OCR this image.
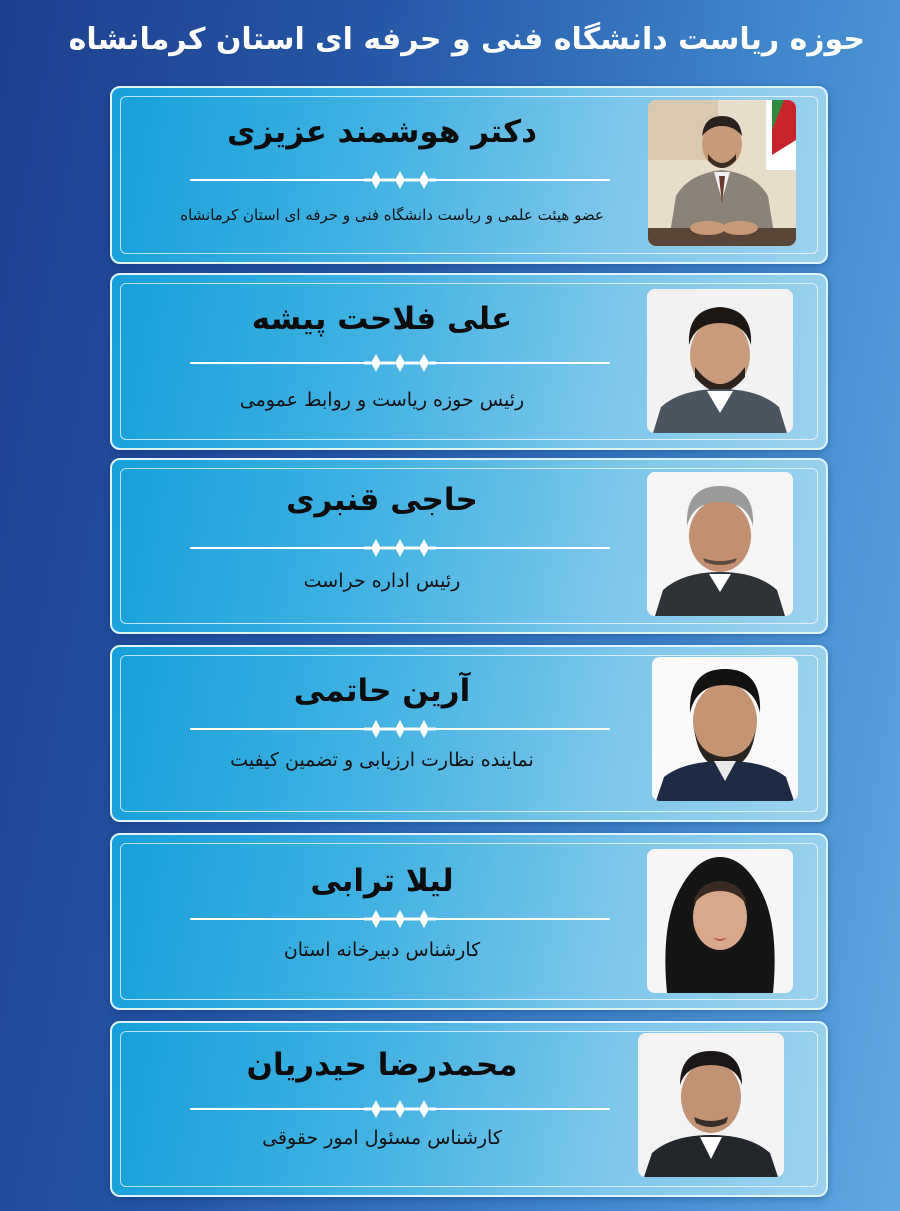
حوزه ریاست دانشگاه فنی و حرفه ای استان کرمانشاه
دکتر هوشمند عزیزی
عضو هیئت علمی و ریاست دانشگاه فنی و حرفه ای استان کرمانشاه
علی فلاحت پیشه
رئیس حوزه ریاست و روابط عمومی
حاجی قنبری
رئیس اداره حراست
آرین حاتمی
نماینده نظارت ارزیابی و تضمین کیفیت
لیلا ترابی
کارشناس دبیرخانه استان
محمدرضا حیدریان
کارشناس مسئول امور حقوقی
